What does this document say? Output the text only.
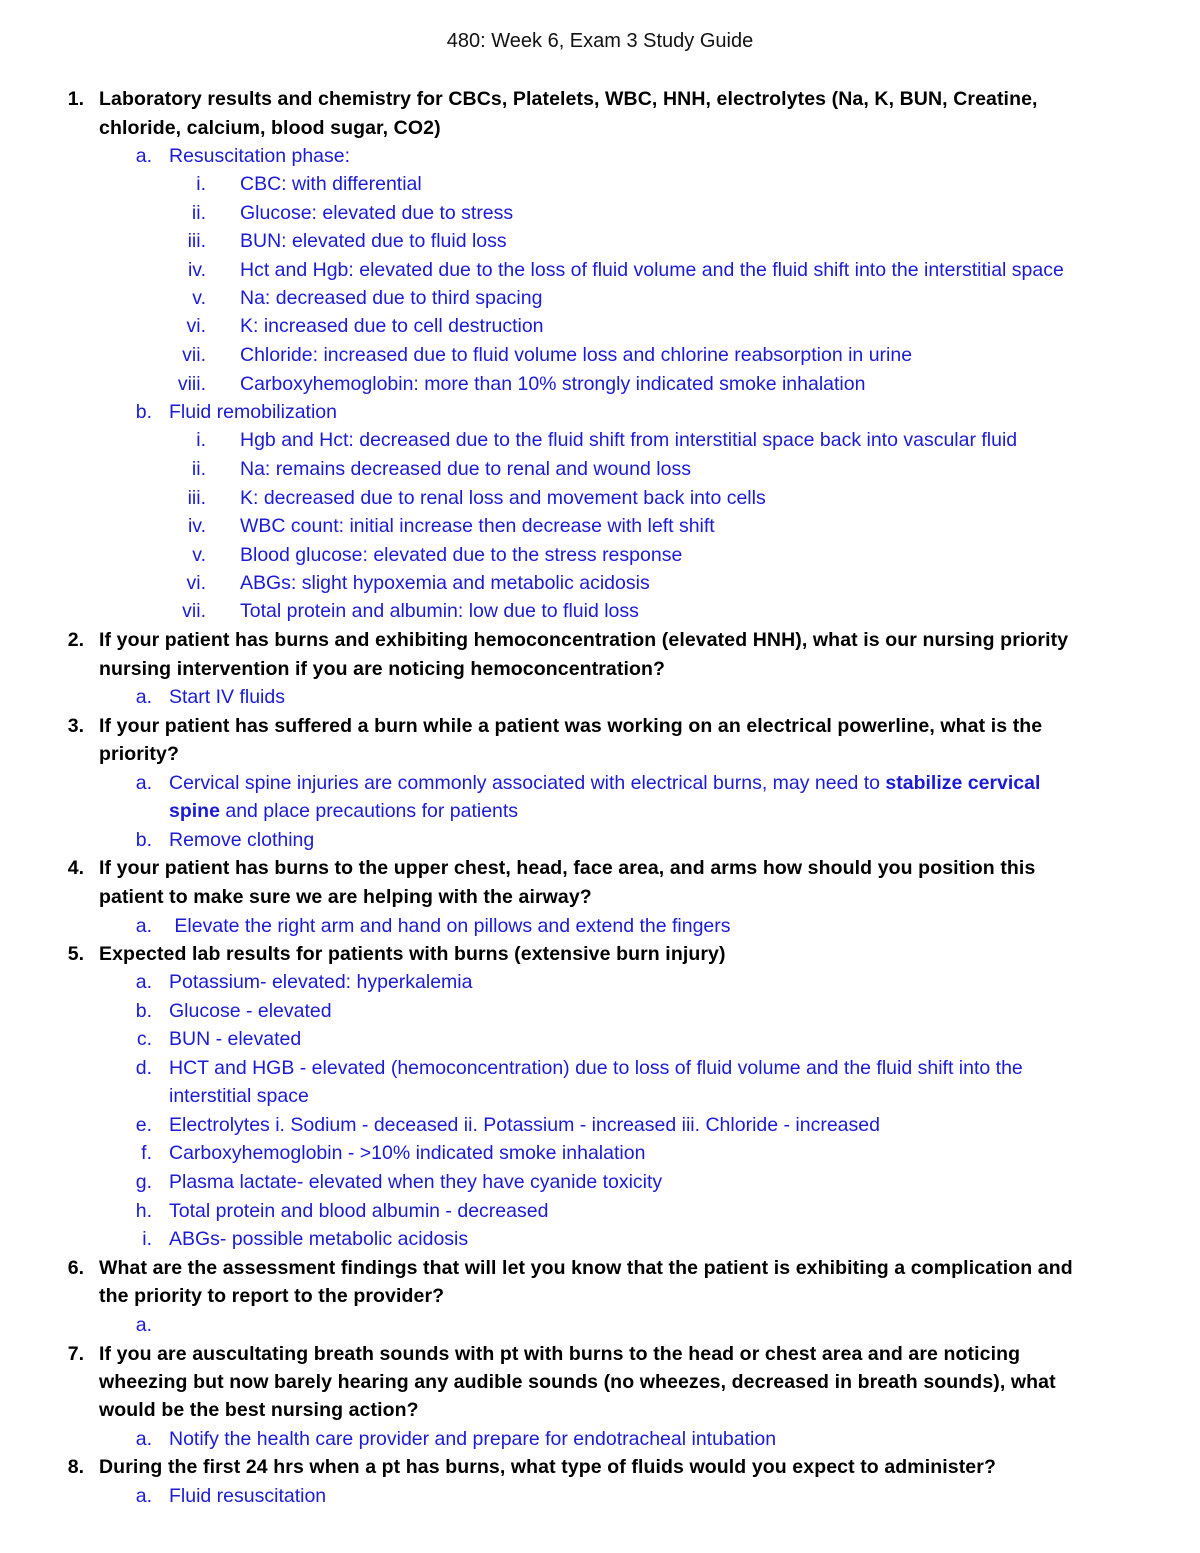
480: Week 6, Exam 3 Study Guide
1. Laboratory results and chemistry for CBCs, Platelets, WBC, HNH, electrolytes (Na, K, BUN, Creatine,
chloride, calcium, blood sugar, CO2)
a. Resuscitation phase:
i. CBC: with differential
ii. Glucose: elevated due to stress
iii. BUN: elevated due to fluid loss
iv. Hct and Hgb: elevated due to the loss of fluid volume and the fluid shift into the interstitial space
v. Na: decreased due to third spacing
vi. K: increased due to cell destruction
vii. Chloride: increased due to fluid volume loss and chlorine reabsorption in urine
viii. Carboxyhemoglobin: more than 10% strongly indicated smoke inhalation
b. Fluid remobilization
i. Hgb and Hct: decreased due to the fluid shift from interstitial space back into vascular fluid
ii. Na: remains decreased due to renal and wound loss
iii. K: decreased due to renal loss and movement back into cells
iv. WBC count: initial increase then decrease with left shift
v. Blood glucose: elevated due to the stress response
vi. ABGs: slight hypoxemia and metabolic acidosis
vii. Total protein and albumin: low due to fluid loss
2. If your patient has burns and exhibiting hemoconcentration (elevated HNH), what is our nursing priority
nursing intervention if you are noticing hemoconcentration?
a. Start IV fluids
3. If your patient has suffered a burn while a patient was working on an electrical powerline, what is the
priority?
a. Cervical spine injuries are commonly associated with electrical burns, may need to stabilize cervical
spine and place precautions for patients
b. Remove clothing
4. If your patient has burns to the upper chest, head, face area, and arms how should you position this
patient to make sure we are helping with the airway?
a. Elevate the right arm and hand on pillows and extend the fingers
5. Expected lab results for patients with burns (extensive burn injury)
a. Potassium- elevated: hyperkalemia
b. Glucose - elevated
c. BUN - elevated
d. HCT and HGB - elevated (hemoconcentration) due to loss of fluid volume and the fluid shift into the
interstitial space
e. Electrolytes i. Sodium - deceased ii. Potassium - increased iii. Chloride - increased
f. Carboxyhemoglobin - >10% indicated smoke inhalation
g. Plasma lactate- elevated when they have cyanide toxicity
h. Total protein and blood albumin - decreased
i. ABGs- possible metabolic acidosis
6. What are the assessment findings that will let you know that the patient is exhibiting a complication and
the priority to report to the provider?
a.
7. If you are auscultating breath sounds with pt with burns to the head or chest area and are noticing
wheezing but now barely hearing any audible sounds (no wheezes, decreased in breath sounds), what
would be the best nursing action?
a. Notify the health care provider and prepare for endotracheal intubation
8. During the first 24 hrs when a pt has burns, what type of fluids would you expect to administer?
a. Fluid resuscitation
